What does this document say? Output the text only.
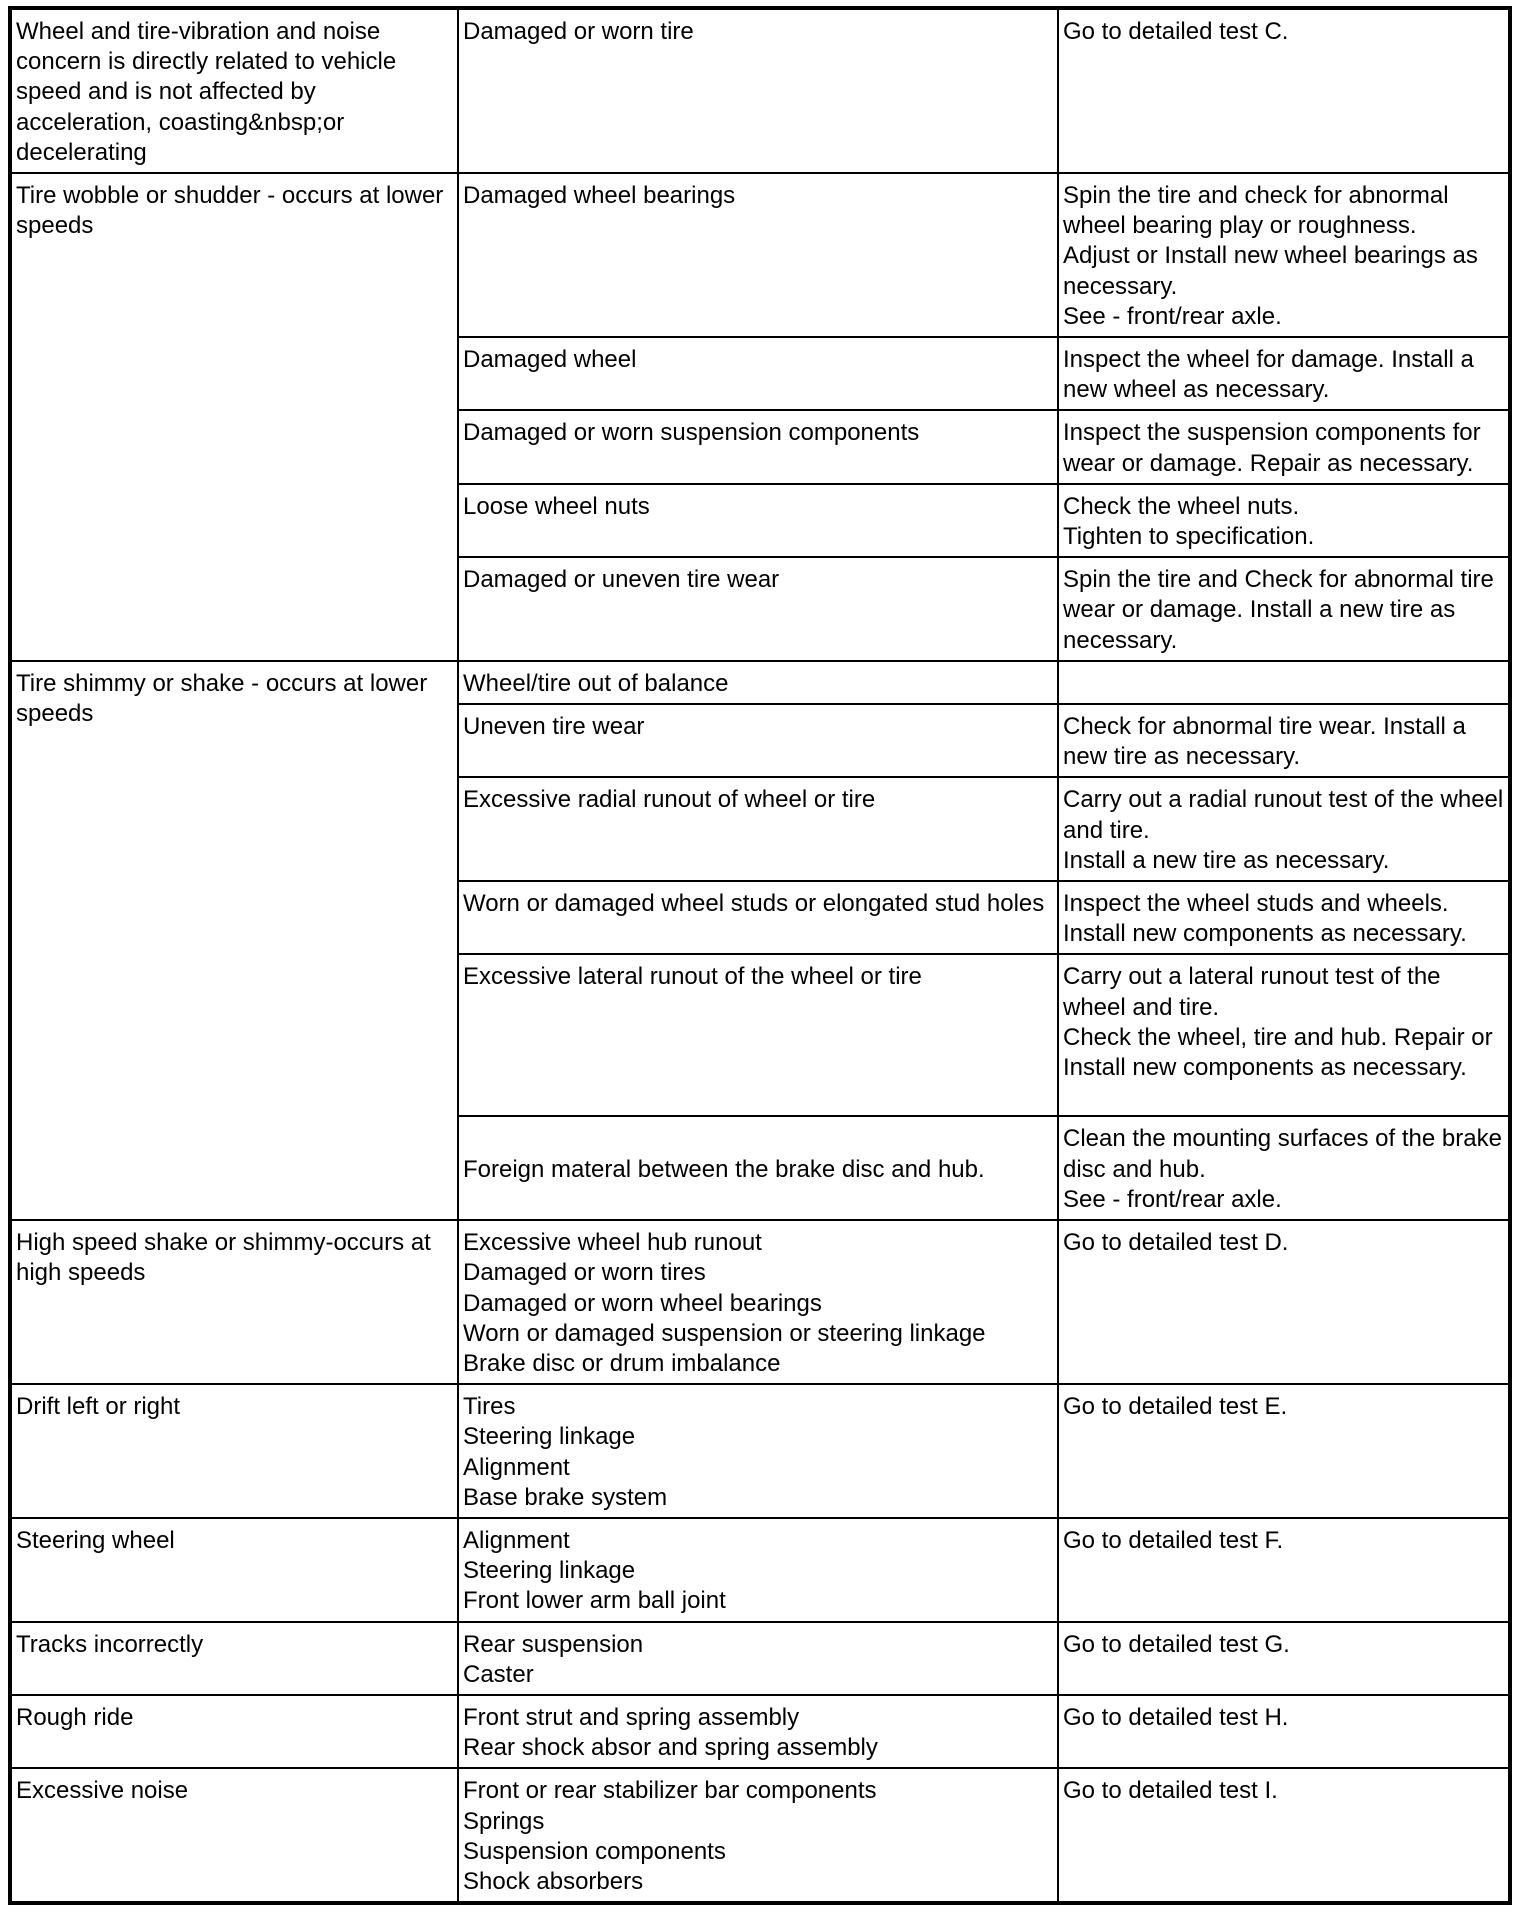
Wheel and tire-vibration and noise concern is directly related to vehicle speed and is not affected by acceleration, coasting&nbsp;or decelerating	Damaged or worn tire	Go to detailed test C.
Tire wobble or shudder - occurs at lower speeds	Damaged wheel bearings	Spin the tire and check for abnormal wheel bearing play or roughness.
Adjust or Install new wheel bearings as necessary.
See - front/rear axle.
	Damaged wheel	Inspect the wheel for damage. Install a new wheel as necessary.
	Damaged or worn suspension components	Inspect the suspension components for wear or damage. Repair as necessary.
	Loose wheel nuts	Check the wheel nuts.
Tighten to specification.
	Damaged or uneven tire wear	Spin the tire and Check for abnormal tire wear or damage. Install a new tire as necessary.
Tire shimmy or shake - occurs at lower speeds	Wheel/tire out of balance	
	Uneven tire wear	Check for abnormal tire wear. Install a new tire as necessary.
	Excessive radial runout of wheel or tire	Carry out a radial runout test of the wheel and tire.
Install a new tire as necessary.
	Worn or damaged wheel studs or elongated stud holes	Inspect the wheel studs and wheels.
Install new components as necessary.
	Excessive lateral runout of the wheel or tire	Carry out a lateral runout test of the wheel and tire.
Check the wheel, tire and hub. Repair or Install new components as necessary.
	Foreign materal between the brake disc and hub.	Clean the mounting surfaces of the brake disc and hub.
See - front/rear axle.
High speed shake or shimmy-occurs at high speeds	Excessive wheel hub runout
Damaged or worn tires
Damaged or worn wheel bearings
Worn or damaged suspension or steering linkage
Brake disc or drum imbalance	Go to detailed test D.
Drift left or right	Tires
Steering linkage
Alignment
Base brake system	Go to detailed test E.
Steering wheel	Alignment
Steering linkage
Front lower arm ball joint	Go to detailed test F.
Tracks incorrectly	Rear suspension
Caster	Go to detailed test G.
Rough ride	Front strut and spring assembly
Rear shock absor and spring assembly	Go to detailed test H.
Excessive noise	Front or rear stabilizer bar components
Springs
Suspension components
Shock absorbers	Go to detailed test I.
